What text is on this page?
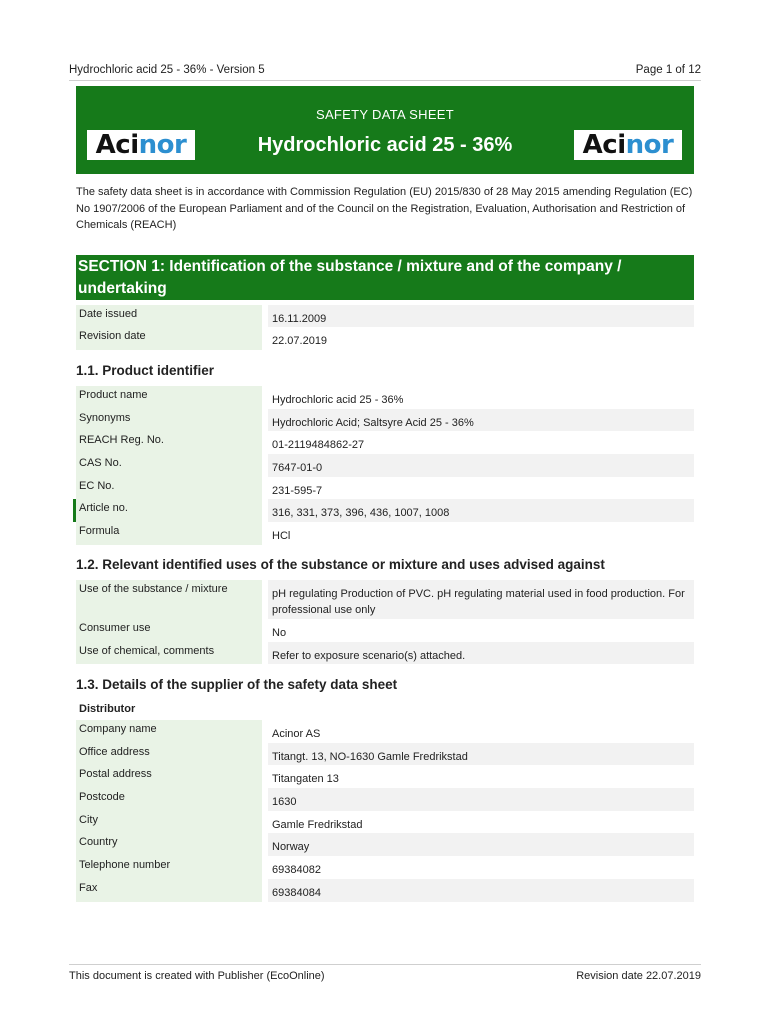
Hydrochloric acid 25 - 36% - Version 5	Page 1 of 12
Acinor
SAFETY DATA SHEET
Hydrochloric acid 25 - 36%	Acinor
The safety data sheet is in accordance with Commission Regulation (EU) 2015/830 of 28 May 2015 amending Regulation (EC) No 1907/2006 of the European Parliament and of the Council on the Registration, Evaluation, Authorisation and Restriction of Chemicals (REACH)
SECTION 1: Identification of the substance / mixture and of the company / undertaking
Date issued	16.11.2009
Revision date	22.07.2019
1.1. Product identifier
Product name	Hydrochloric acid 25 - 36%
Synonyms	Hydrochloric Acid; Saltsyre Acid 25 - 36%
REACH Reg. No.	01-2119484862-27
CAS No.	7647-01-0
EC No.	231-595-7
Article no.	316, 331, 373, 396, 436, 1007, 1008
Formula	HCl
1.2. Relevant identified uses of the substance or mixture and uses advised against
Use of the substance / mixture	pH regulating Production of PVC. pH regulating material used in food production. For professional use only
Consumer use	No
Use of chemical, comments	Refer to exposure scenario(s) attached.
1.3. Details of the supplier of the safety data sheet
Distributor
Company name	Acinor AS
Office address	Titangt. 13, NO-1630 Gamle Fredrikstad
Postal address	Titangaten 13
Postcode	1630
City	Gamle Fredrikstad
Country	Norway
Telephone number	69384082
Fax	69384084
This document is created with Publisher (EcoOnline)	Revision date 22.07.2019
